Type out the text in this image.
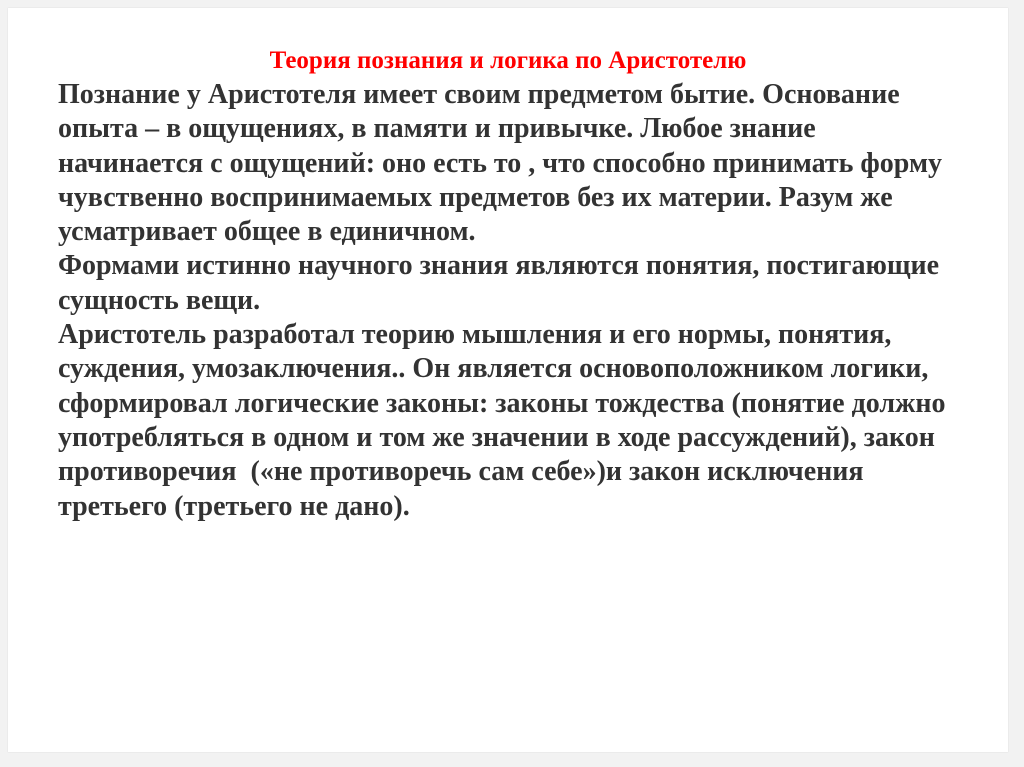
Теория познания и логика по Аристотелю
Познание у Аристотеля имеет своим предметом бытие. Основание
опыта – в ощущениях, в памяти и привычке. Любое знание
начинается с ощущений: оно есть то , что способно принимать форму
чувственно воспринимаемых предметов без их материи. Разум же
усматривает общее в единичном.
Формами истинно научного знания являются понятия, постигающие
сущность вещи.
Аристотель разработал теорию мышления и его нормы, понятия,
суждения, умозаключения.. Он является основоположником логики,
сформировал логические законы: законы тождества (понятие должно
употребляться в одном и том же значении в ходе рассуждений), закон
противоречия  («не противоречь сам себе»)и закон исключения
третьего (третьего не дано).
